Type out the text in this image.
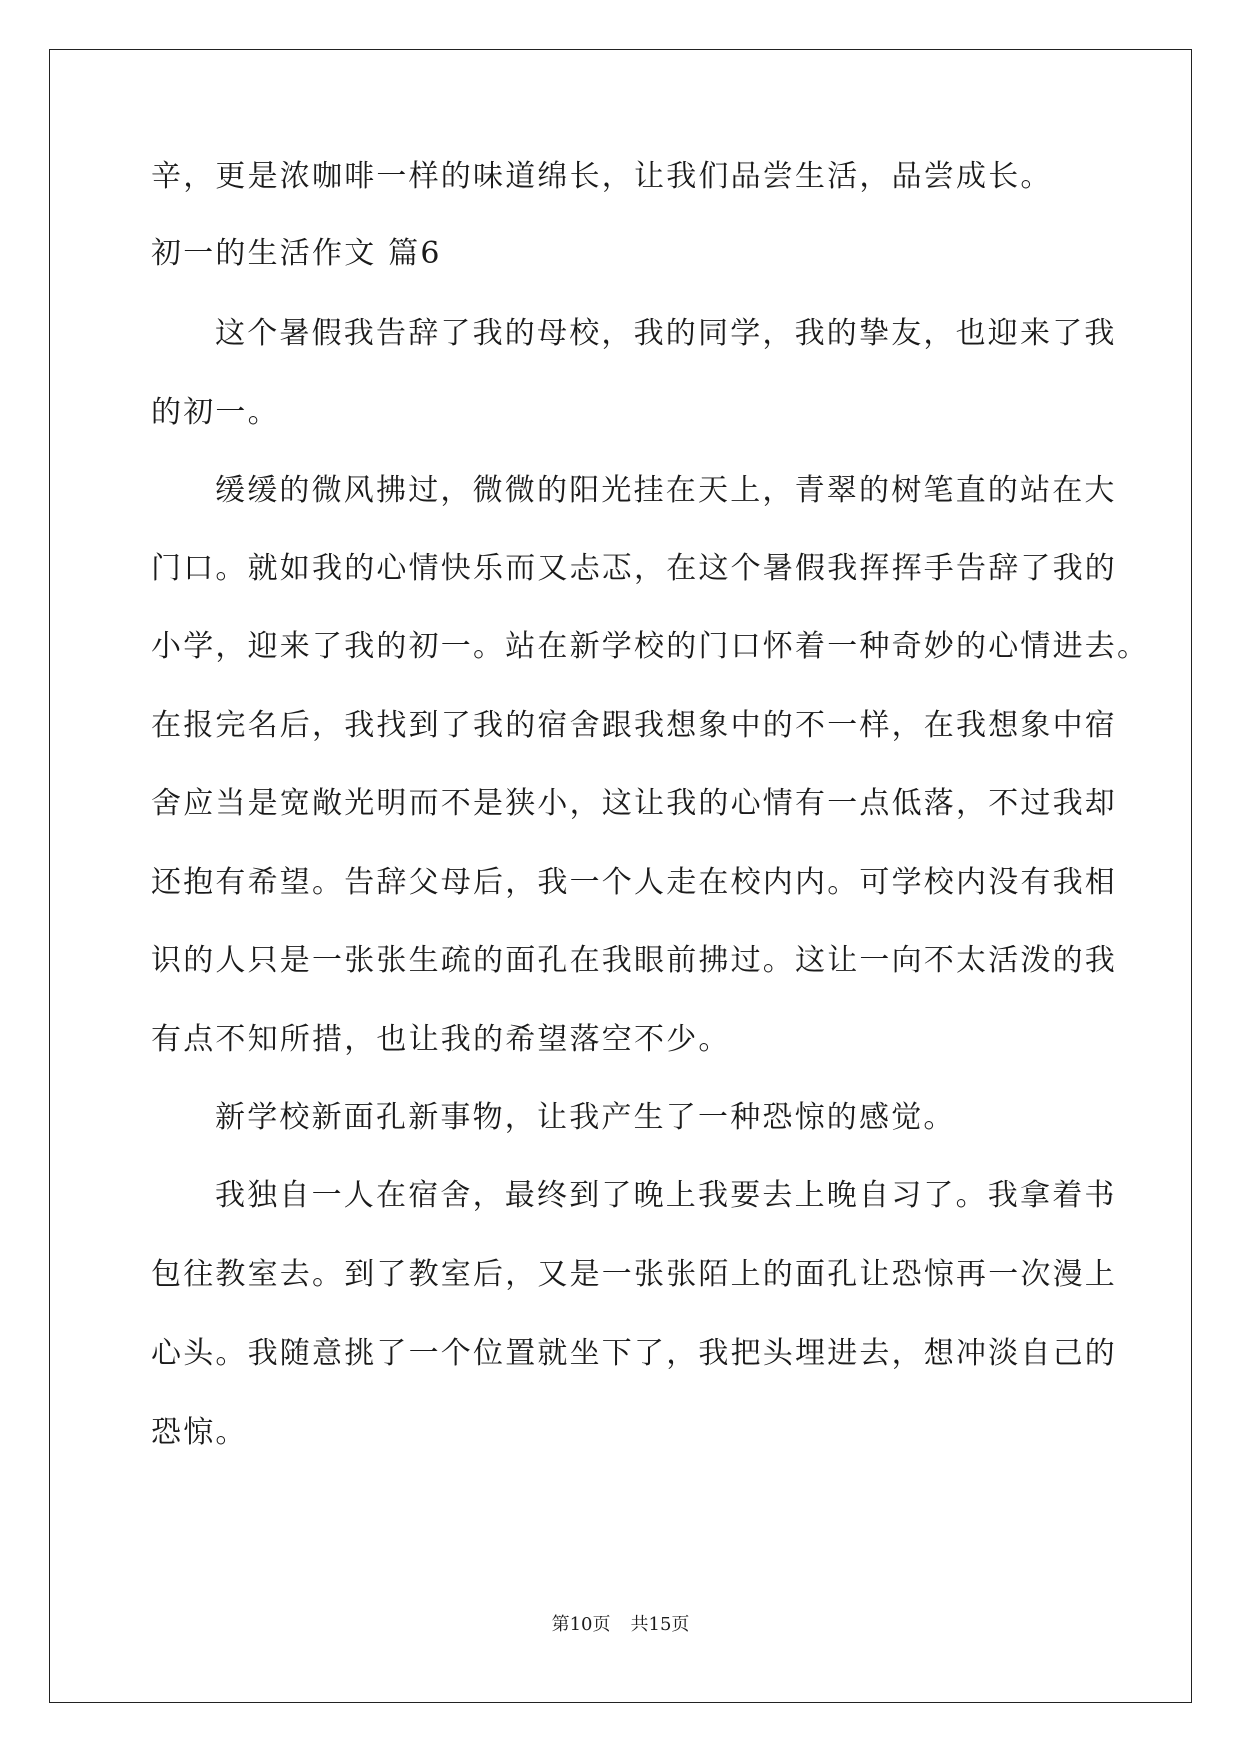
辛，更是浓咖啡一样的味道绵长，让我们品尝生活，品尝成长。
初一的生活作文 篇6
这个暑假我告辞了我的母校，我的同学，我的挚友，也迎来了我
的初一。
缓缓的微风拂过，微微的阳光挂在天上，青翠的树笔直的站在大
门口。就如我的心情快乐而又忐忑，在这个暑假我挥挥手告辞了我的
小学，迎来了我的初一。站在新学校的门口怀着一种奇妙的心情进去。
在报完名后，我找到了我的宿舍跟我想象中的不一样，在我想象中宿
舍应当是宽敞光明而不是狭小，这让我的心情有一点低落，不过我却
还抱有希望。告辞父母后，我一个人走在校内内。可学校内没有我相
识的人只是一张张生疏的面孔在我眼前拂过。这让一向不太活泼的我
有点不知所措，也让我的希望落空不少。
新学校新面孔新事物，让我产生了一种恐惊的感觉。
我独自一人在宿舍，最终到了晚上我要去上晚自习了。我拿着书
包往教室去。到了教室后，又是一张张陌上的面孔让恐惊再一次漫上
心头。我随意挑了一个位置就坐下了，我把头埋进去，想冲淡自己的
恐惊。
第10页 共15页
